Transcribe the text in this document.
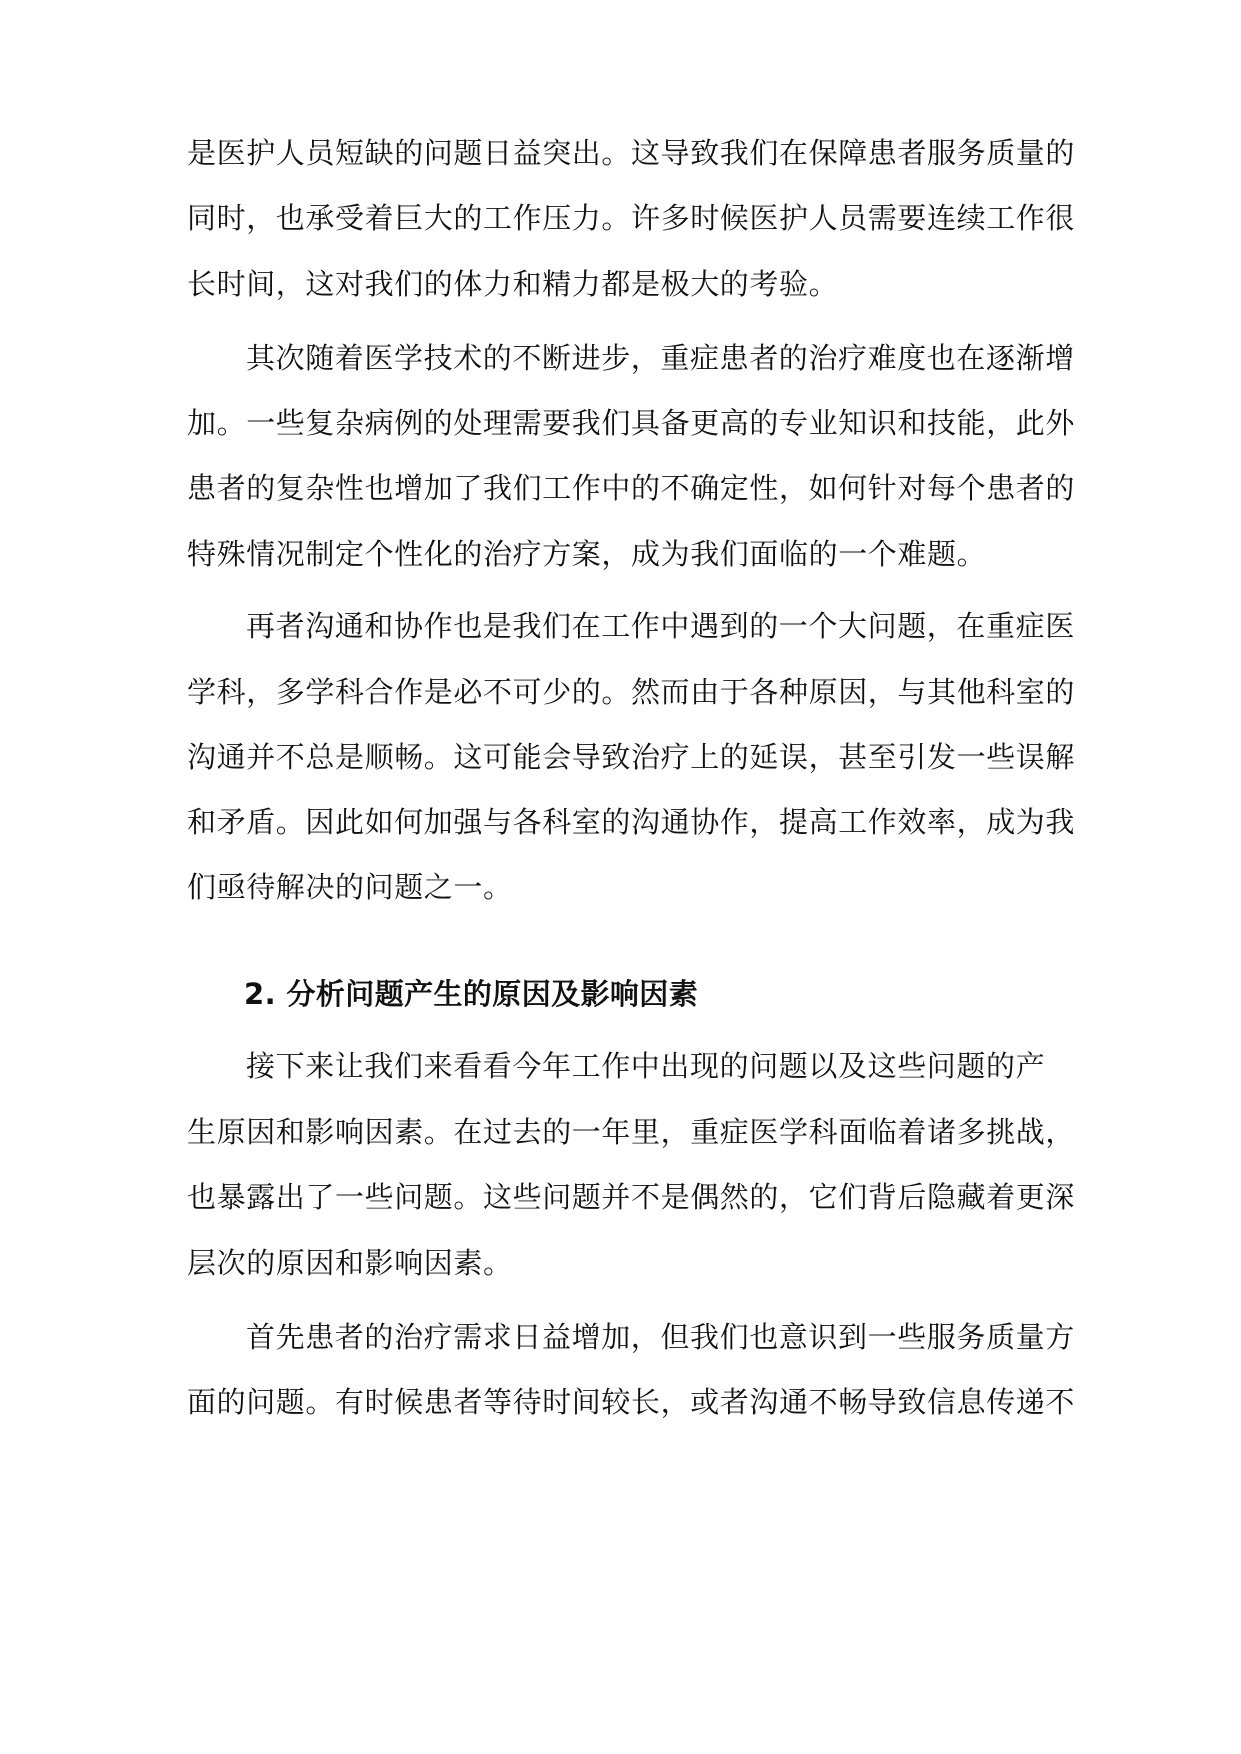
是医护人员短缺的问题日益突出。这导致我们在保障患者服务质量的
同时，也承受着巨大的工作压力。许多时候医护人员需要连续工作很
长时间，这对我们的体力和精力都是极大的考验。
其次随着医学技术的不断进步，重症患者的治疗难度也在逐渐增
加。一些复杂病例的处理需要我们具备更高的专业知识和技能，此外
患者的复杂性也增加了我们工作中的不确定性，如何针对每个患者的
特殊情况制定个性化的治疗方案，成为我们面临的一个难题。
再者沟通和协作也是我们在工作中遇到的一个大问题，在重症医
学科，多学科合作是必不可少的。然而由于各种原因，与其他科室的
沟通并不总是顺畅。这可能会导致治疗上的延误，甚至引发一些误解
和矛盾。因此如何加强与各科室的沟通协作，提高工作效率，成为我
们亟待解决的问题之一。
2. 分析问题产生的原因及影响因素
接下来让我们来看看今年工作中出现的问题以及这些问题的产
生原因和影响因素。在过去的一年里，重症医学科面临着诸多挑战，
也暴露出了一些问题。这些问题并不是偶然的，它们背后隐藏着更深
层次的原因和影响因素。
首先患者的治疗需求日益增加，但我们也意识到一些服务质量方
面的问题。有时候患者等待时间较长，或者沟通不畅导致信息传递不
